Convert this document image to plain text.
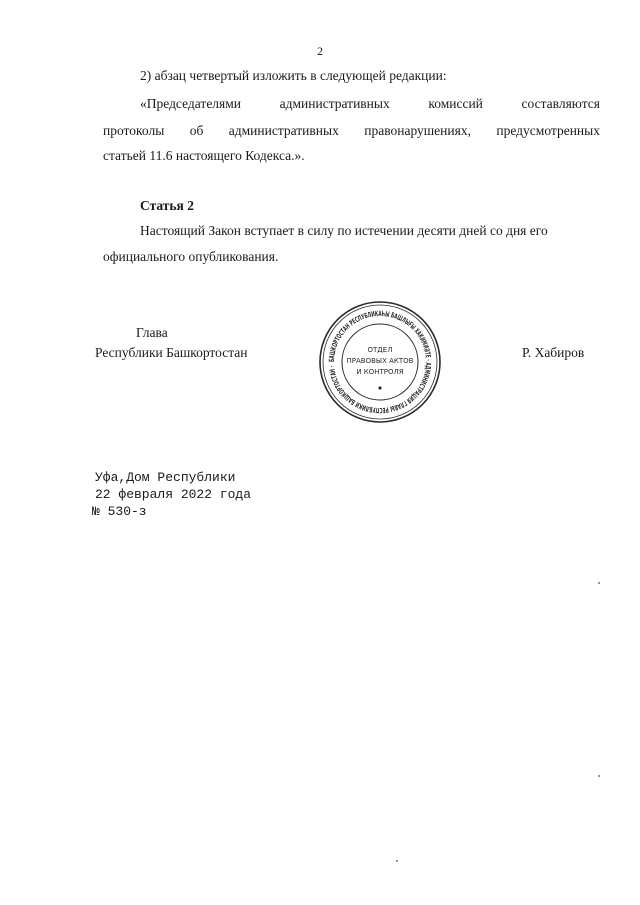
2
2) абзац четвертый изложить в следующей редакции:
«Председателями	административных	комиссий	составляются
протоколы об административных правонарушениях, предусмотренных
статьей 11.6 настоящего Кодекса.».
Статья 2
Настоящий Закон вступает в силу по истечении десяти дней со дня его
официального опубликования.
Глава
Республики Башкортостан	Р. Хабиров
БАШКОРТОСТАН РЕСПУБЛИКАҺЫ БАШЛЫҒЫ ХАКИМИӘТЕ · АДМИНИСТРАЦИЯ ГЛАВЫ РЕСПУБЛИКИ БАШКОРТОСТАН ·
ОТДЕЛ
ПРАВОВЫХ АКТОВ
И КОНТРОЛЯ
Уфа,Дом Республики
22 февраля 2022 года
№ 530-з
